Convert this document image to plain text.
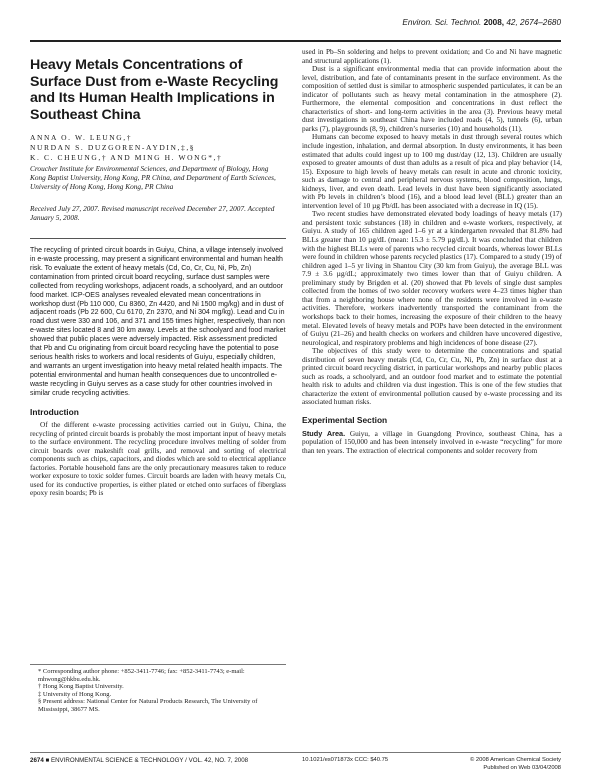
Environ. Sci. Technol. 2008, 42, 2674–2680
Heavy Metals Concentrations of Surface Dust from e-Waste Recycling and Its Human Health Implications in Southeast China
ANNA O. W. LEUNG,†
NURDAN S. DUZGOREN-AYDIN,‡,§
K. C. CHEUNG,† AND MING H. WONG*,†
Croucher Institute for Environmental Sciences, and Department of Biology, Hong Kong Baptist University, Hong Kong, PR China, and Department of Earth Sciences, University of Hong Kong, Hong Kong, PR China
Received July 27, 2007. Revised manuscript received December 27, 2007. Accepted January 5, 2008.
The recycling of printed circuit boards in Guiyu, China, a village intensely involved in e-waste processing, may present a significant environmental and human health risk. To evaluate the extent of heavy metals (Cd, Co, Cr, Cu, Ni, Pb, Zn) contamination from printed circuit board recycling, surface dust samples were collected from recycling workshops, adjacent roads, a schoolyard, and an outdoor food market. ICP-OES analyses revealed elevated mean concentrations in workshop dust (Pb 110 000, Cu 8360, Zn 4420, and Ni 1500 mg/kg) and in dust of adjacent roads (Pb 22 600, Cu 6170, Zn 2370, and Ni 304 mg/kg). Lead and Cu in road dust were 330 and 106, and 371 and 155 times higher, respectively, than non e-waste sites located 8 and 30 km away. Levels at the schoolyard and food market showed that public places were adversely impacted. Risk assessment predicted that Pb and Cu originating from circuit board recycling have the potential to pose serious health risks to workers and local residents of Guiyu, especially children, and warrants an urgent investigation into heavy metal related health impacts. The potential environmental and human health consequences due to uncontrolled e-waste recycling in Guiyu serves as a case study for other countries involved in similar crude recycling activities.
Introduction

Of the different e-waste processing activities carried out in Guiyu, China, the recycling of printed circuit boards is probably the most important input of heavy metals to the surface environment. The recycling procedure involves melting of solder from circuit boards over makeshift coal grills, and removal and sorting of electrical components such as chips, capacitors, and diodes which are sold to electrical appliance factories. Portable household fans are the only precautionary measures taken to reduce worker exposure to toxic solder fumes. Circuit boards are laden with heavy metals Cu, used for its conductive properties, is either plated or etched onto surfaces of fiberglass epoxy resin boards; Pb is

* Corresponding author phone: +852-3411-7746; fax: +852-3411-7743; e-mail: mhwong@hkbu.edu.hk.
† Hong Kong Baptist University.
‡ University of Hong Kong.
§ Present address: National Center for Natural Products Research, The University of Mississippi, 38677 MS.

used in Pb–Sn soldering and helps to prevent oxidation; and Co and Ni have magnetic and structural applications (1).

Dust is a significant environmental media that can provide information about the level, distribution, and fate of contaminants present in the surface environment. As the composition of settled dust is similar to atmospheric suspended particulates, it can be an indicator of pollutants such as heavy metal contamination in the atmosphere (2). Furthermore, the elemental composition and concentrations in dust reflect the characteristics of short- and long-term activities in the area (3). Previous heavy metal dust investigations in southeast China have included roads (4, 5), tunnels (6), urban parks (7), playgrounds (8, 9), children’s nurseries (10) and households (11).

Humans can become exposed to heavy metals in dust through several routes which include ingestion, inhalation, and dermal absorption. In dusty environments, it has been estimated that adults could ingest up to 100 mg dust/day (12, 13). Children are usually exposed to greater amounts of dust than adults as a result of pica and play behavior (14, 15). Exposure to high levels of heavy metals can result in acute and chronic toxicity, such as damage to central and peripheral nervous systems, blood composition, lungs, kidneys, liver, and even death. Lead levels in dust have been significantly associated with Pb levels in children’s blood (16), and a blood lead level (BLL) greater than an intervention level of 10 µg Pb/dL has been associated with a decrease in IQ (15).

Two recent studies have demonstrated elevated body loadings of heavy metals (17) and persistent toxic substances (18) in children and e-waste workers, respectively, at Guiyu. A study of 165 children aged 1–6 yr at a kindergarten revealed that 81.8% had BLLs greater than 10 µg/dL (mean: 15.3 ± 5.79 µg/dL). It was concluded that children with the highest BLLs were of parents who recycled circuit boards, whereas lower BLLs were found in children whose parents recycled plastics (17). Compared to a study (19) of children aged 1–5 yr living in Shantou City (30 km from Guiyu), the average BLL was 7.9 ± 3.6 µg/dL; approximately two times lower than that of Guiyu children. A preliminary study by Brigden et al. (20) showed that Pb levels of single dust samples collected from the homes of two solder recovery workers were 4–23 times higher than that from a neighboring house where none of the residents were involved in e-waste activities. Therefore, workers inadvertently transported the contaminant from the workshops back to their homes, increasing the exposure of their children to the heavy metal. Elevated levels of heavy metals and POPs have been detected in the environment of Guiyu (21–26) and health checks on workers and children have uncovered digestive, neurological, and respiratory problems and high incidences of bone disease (27).

The objectives of this study were to determine the concentrations and spatial distribution of seven heavy metals (Cd, Co, Cr, Cu, Ni, Pb, Zn) in surface dust at a printed circuit board recycling district, in particular workshops and nearby public places such as roads, a schoolyard, and an outdoor food market and to estimate the potential health risk to adults and children via dust ingestion. This is one of the few studies that characterize the extent of environmental pollution caused by e-waste processing and its associated human risks.

Experimental Section

Study Area. Guiyu, a village in Guangdong Province, southeast China, has a population of 150,000 and has been intensely involved in e-waste “recycling” for more than ten years. The extraction of electrical components and solder recovery from

2674 ■ ENVIRONMENTAL SCIENCE & TECHNOLOGY / VOL. 42, NO. 7, 2008	10.1021/es071873x CCC: $40.75	© 2008 American Chemical Society
Published on Web 03/04/2008
